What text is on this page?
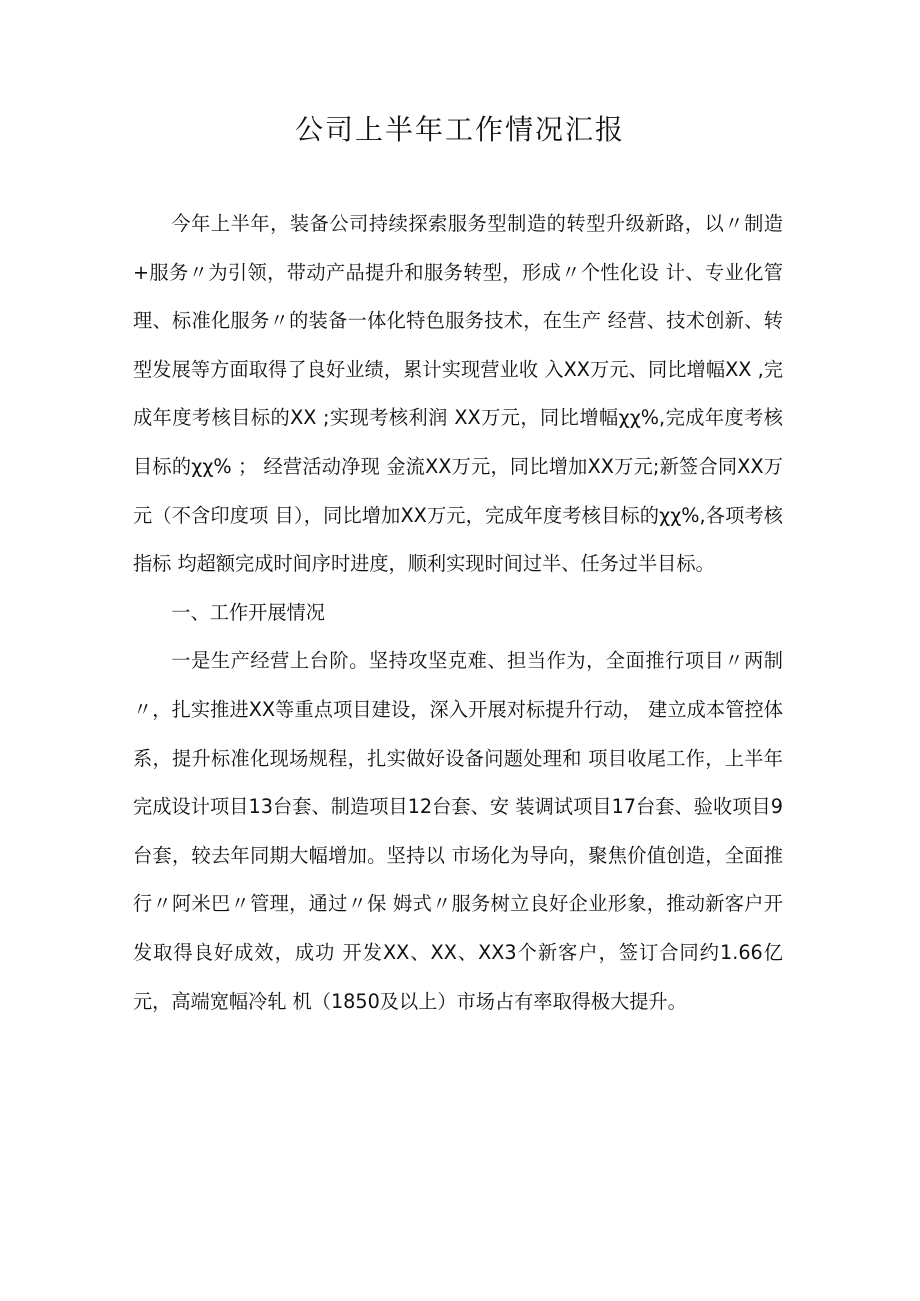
公司上半年工作情况汇报

今年上半年，装备公司持续探索服务型制造的转型升级新路，以〃制造+服务〃为引领，带动产品提升和服务转型，形成〃个性化设 计、专业化管理、标准化服务〃的装备一体化特色服务技术，在生产 经营、技术创新、转型发展等方面取得了良好业绩，累计实现营业收 入XX万元、同比增幅XX ,完成年度考核目标的XX ;实现考核利润 XX万元，同比增幅χχ%,完成年度考核目标的χχ% ； 经营活动净现 金流XX万元，同比增加XX万元;新签合同XX万元（不含印度项 目），同比增加XX万元，完成年度考核目标的χχ%,各项考核指标 均超额完成时间序时进度，顺利实现时间过半、任务过半目标。

一、工作开展情况

一是生产经营上台阶。坚持攻坚克难、担当作为，全面推行项目〃两制〃，扎实推进XX等重点项目建设，深入开展对标提升行动， 建立成本管控体系，提升标准化现场规程，扎实做好设备问题处理和 项目收尾工作，上半年完成设计项目13台套、制造项目12台套、安 装调试项目17台套、验收项目9台套，较去年同期大幅增加。坚持以 市场化为导向，聚焦价值创造，全面推行〃阿米巴〃管理，通过〃保 姆式〃服务树立良好企业形象，推动新客户开发取得良好成效，成功 开发XX、XX、XX3个新客户，签订合同约1.66亿元，高端宽幅冷轧 机（1850及以上）市场占有率取得极大提升。
